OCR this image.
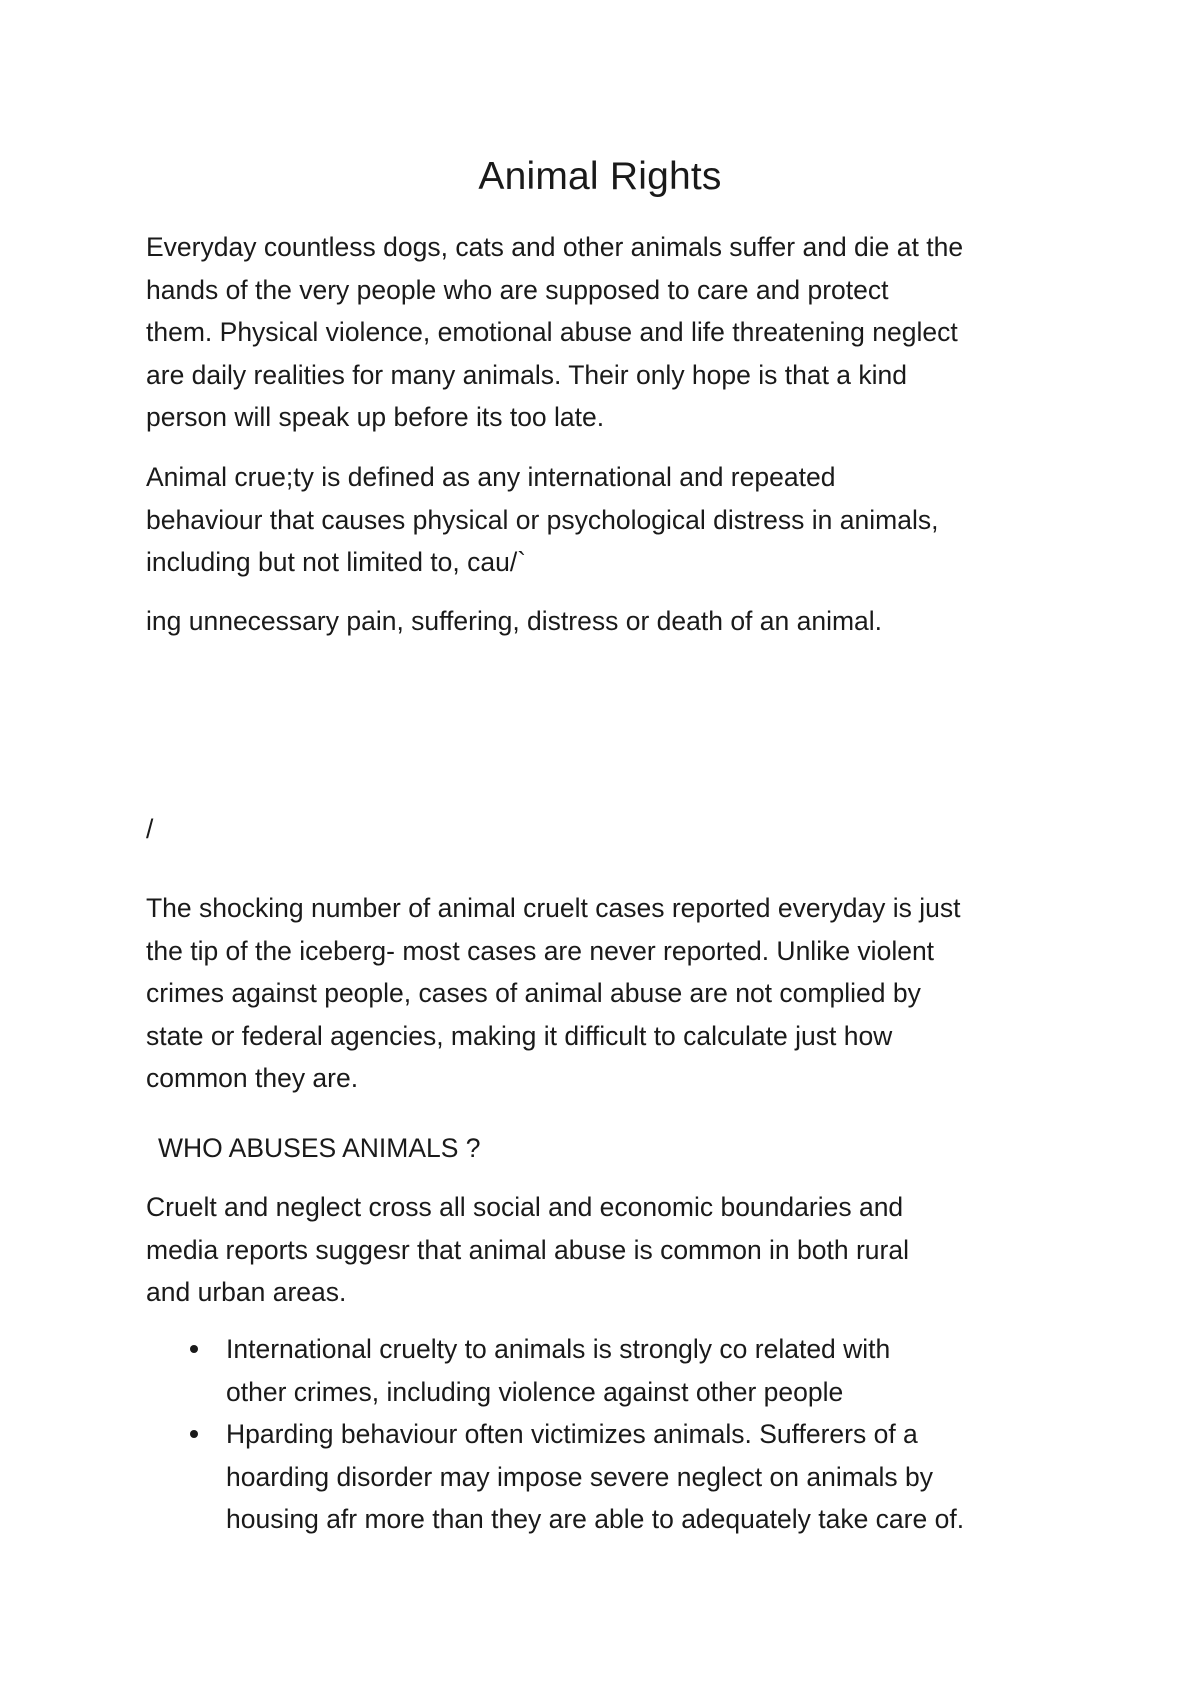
Animal Rights

Everyday countless dogs, cats and other animals suffer and die at the
hands of the very people who are supposed to care and protect
them. Physical violence, emotional abuse and life threatening neglect
are daily realities for many animals. Their only hope is that a kind
person will speak up before its too late.

Animal crue;ty is defined as any international and repeated
behaviour that causes physical or psychological distress in animals,
including but not limited to, cau/`

ing unnecessary pain, suffering, distress or death of an animal.

/

The shocking number of animal cruelt cases reported everyday is just
the tip of the iceberg- most cases are never reported. Unlike violent
crimes against people, cases of animal abuse are not complied by
state or federal agencies, making it difficult to calculate just how
common they are.

WHO ABUSES ANIMALS ?

Cruelt and neglect cross all social and economic boundaries and
media reports suggesr that animal abuse is common in both rural
and urban areas.

International cruelty to animals is strongly co related with
other crimes, including violence against other people
Hparding behaviour often victimizes animals. Sufferers of a
hoarding disorder may impose severe neglect on animals by
housing afr more than they are able to adequately take care of.
